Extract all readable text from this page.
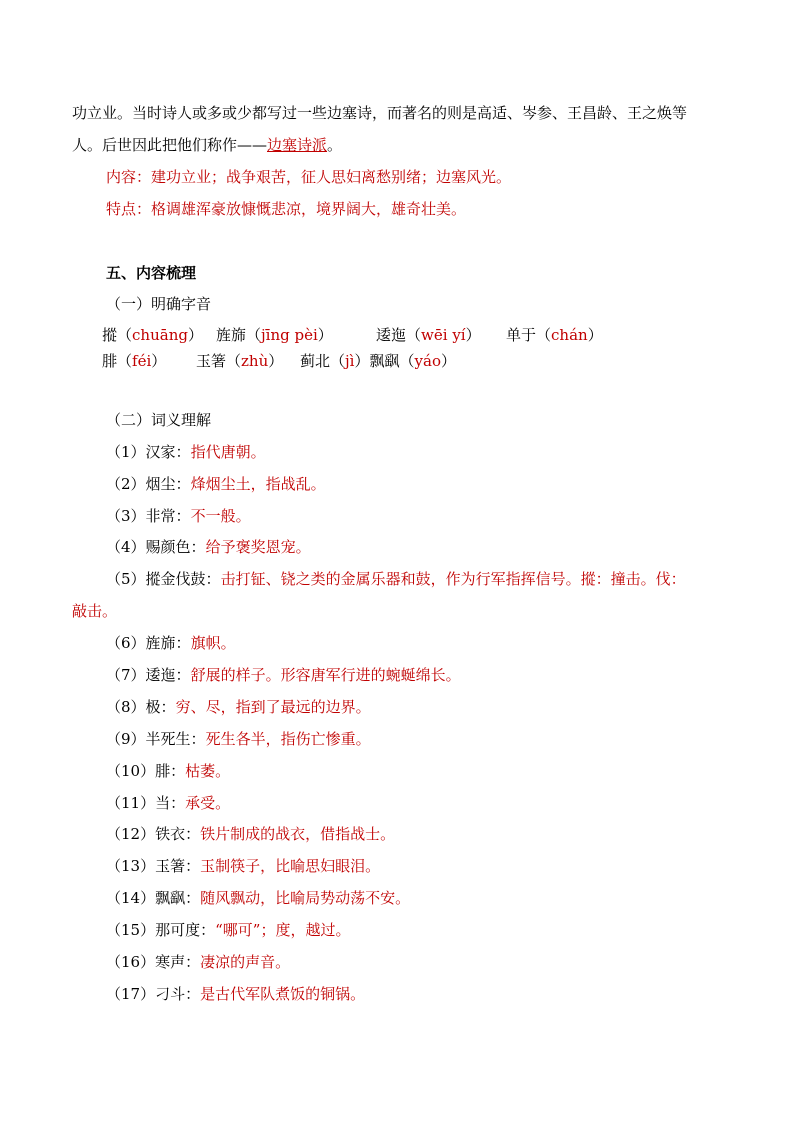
功立业。当时诗人或多或少都写过一些边塞诗，而著名的则是高适、岑参、王昌龄、王之焕等
人。后世因此把他们称作——边塞诗派。
内容：建功立业；战争艰苦，征人思妇离愁别绪；边塞风光。
特点：格调雄浑豪放慷慨悲凉，境界阔大，雄奇壮美。
五、内容梳理
（一）明确字音
摐（chuāng） 旌旆（jīng pèi）	逶迤（wēi yí） 单于（chán）
腓（féi） 玉箸（zhù） 蓟北（jì）飘飖（yáo）
（二）词义理解
（1）汉家：指代唐朝。
（2）烟尘：烽烟尘土，指战乱。
（3）非常：不一般。
（4）赐颜色：给予褒奖恩宠。
（5）摐金伐鼓：击打钲、铙之类的金属乐器和鼓，作为行军指挥信号。摐：撞击。伐：
敲击。
（6）旌旆：旗帜。
（7）逶迤：舒展的样子。形容唐军行进的蜿蜒绵长。
（8）极：穷、尽，指到了最远的边界。
（9）半死生：死生各半，指伤亡惨重。
（10）腓：枯萎。
（11）当：承受。
（12）铁衣：铁片制成的战衣，借指战士。
（13）玉箸：玉制筷子，比喻思妇眼泪。
（14）飘飖：随风飘动，比喻局势动荡不安。
（15）那可度：“哪可”；度，越过。
（16）寒声：凄凉的声音。
（17）刁斗：是古代军队煮饭的铜锅。
